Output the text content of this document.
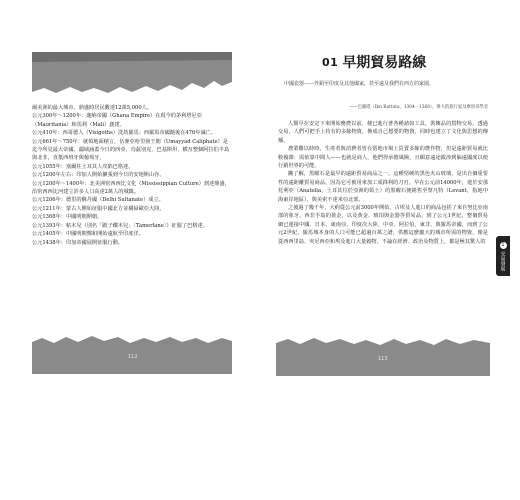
爾美洲的最大城市，鼎盛時居民數達12萬5,000人。

公元300年〜1200年：迦納帝國（Ghana Empire）在現今的茅利塔尼亞（Mauritania）和馬利（Mali）創建。

公元410年：西哥德人（Visigoths）洗劫羅馬；西羅馬帝國隨後在476年滅亡。

公元661年〜750年：就領地面積言，伍麥亞哈里發王朝（Umayyad Caliphate）是迄今所見最大帝國，疆域涵蓋今日的西亞、烏茲別克、巴基斯坦、横亙整個阿拉伯半島與北非，直抵西班牙與葡萄牙。

公元1055年：塞爾柱土耳其人攻陷巴格達。

公元1200年左右：印加人開始擴張到今日的安地斯山谷。

公元1200年〜1400年：北美洲密西西比文化（Mississippian Culture）到達鼎盛，沿密西西比河建立許多人口高達2萬人的城鎮。

公元1206年：德里的蘇丹國（Delhi Sultanate）成立。

公元1211年：蒙古人開始征服中國北方並橫掃歐亞大陸。

公元1368年：中國明朝開朝。

公元1393年：帖木兒（別名「跛子鐵木兒」〔Tamerlane〕）征服了巴格達。

公元1405年：中國明朝鄭和開始遠航至印度洋。

公元1438年：印加帝國展開征服行動。

112
01 早期貿易路線
中國瓷器——外銷至印度及其他國家，甚至遠及我們在西方的家園。
——巴圖塔（Ibn Battuta，1304－1368），偉大的旅行家及摩洛哥學者

人類早在安定下來開始務農以前，便已進行著各種諸如工具、裝飾品的貨物交易，透過交易，人們可把手上持有的多餘物資，換成自己想要的物資，同時也建立了文化與思想的傳播。

農業難以時時，生產者與消費者皆在當地市場上買賣多餘的農作物，但是遠距貿易就比較複雜：需依靠中間人——也就是商人，他們得承擔風險，且願意遠途跋涉到偏遠國度以便行銷世界的可能。

撇了解，黑曜石是最早的遠距貿易商品之一。這種堅硬的黑色火山玻璃，是出自個重要性的遠距離貿易商品，因為它可被用來加工成鋒利的刀刃。早在公元前14000年，遊於安那托利亞（Anatolia，土耳其位於亞洲的領土）的黑曜石便銷售至黎凡特（Levant，指地中海東岸地區），與美索不達米亞北部。

之後過了幾千年，大約從公元前3000年開始，古埃及人進口的商品包括了來自努比亞南部的象牙、西非手島的黃金，以及黃金、琥珀與金器等貿易品。到了公元1世紀，整個貿易網已連接中國、日本、東南亞、印度次大陸、中亞、阿拉伯、東非、與羅馬帝國，而到了公元2世紀，羅馬城本身的人口可能已超過百萬之譜，供應這麼龐大的城市所需的物資，像是從西西里島、突尼西亞和埃及進口大量穀物，不論在經濟、政治及物質上，都是極其驚人的

113
1
交易發展
